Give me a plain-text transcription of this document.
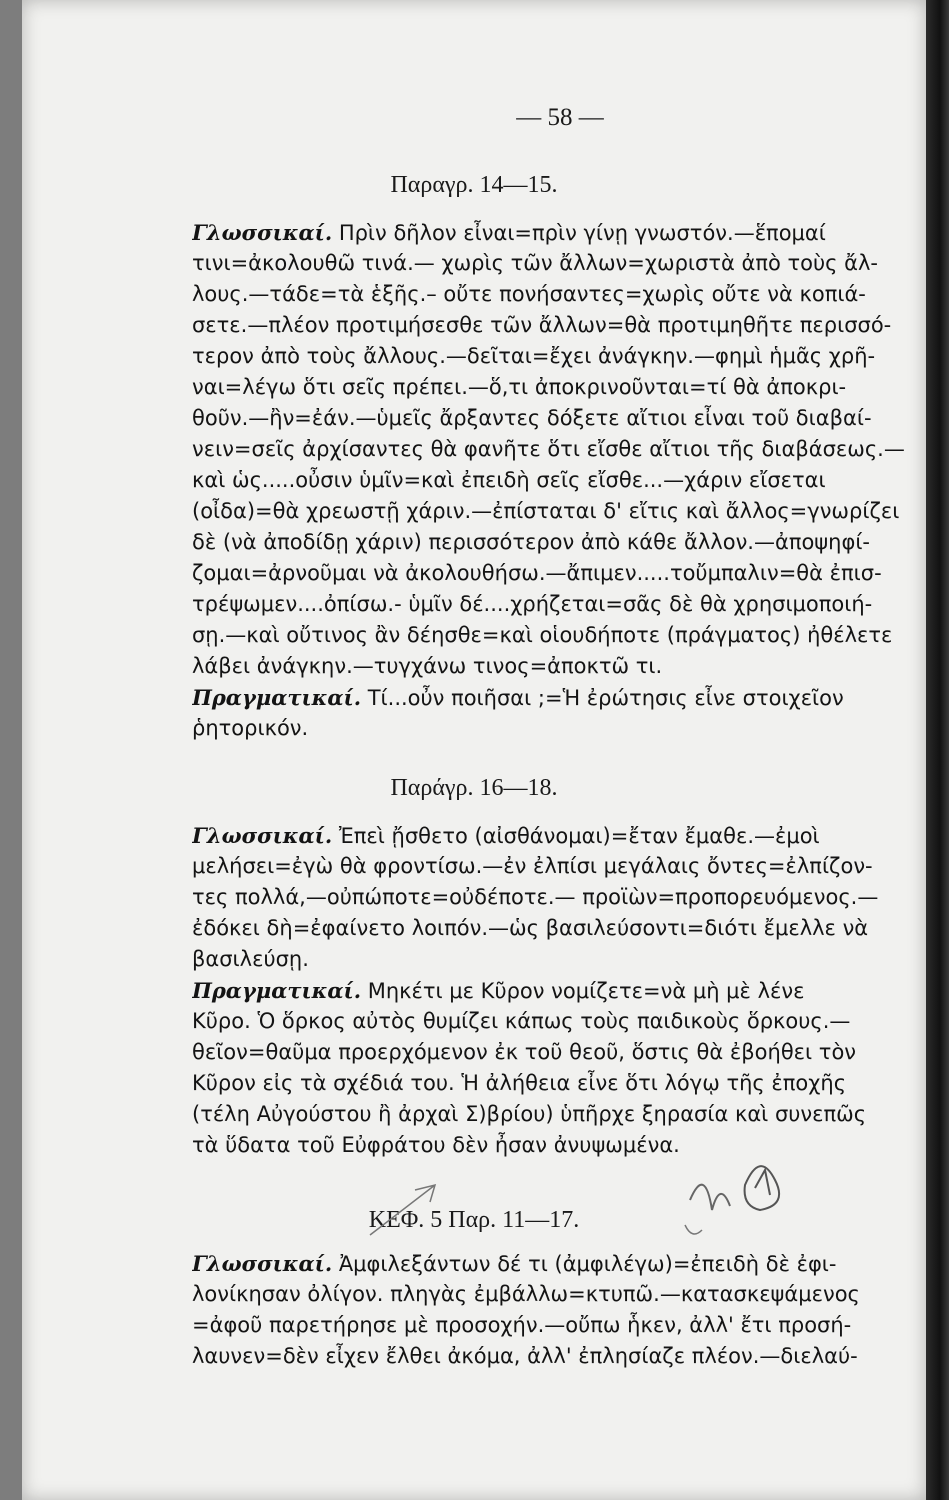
— 58 —
Παραγρ. 14—15.
Γλωσσικαί. Πρὶν δῆλον εἶναι=πρὶν γίνῃ γνωστόν.—ἕπομαί
τινι=ἀκολουθῶ τινά.— χωρὶς τῶν ἄλλων=χωριστὰ ἀπὸ τοὺς ἄλ-
λους.—τάδε=τὰ ἑξῆς.– οὔτε πονήσαντες=χωρὶς οὔτε νὰ κοπιά-
σετε.—πλέον προτιμήσεσθε τῶν ἄλλων=θὰ προτιμηθῆτε περισσό-
τερον ἀπὸ τοὺς ἄλλους.—δεῖται=ἔχει ἀνάγκην.—φημὶ ἡμᾶς χρῆ-
ναι=λέγω ὅτι σεῖς πρέπει.—ὅ,τι ἀποκρινοῦνται=τί θὰ ἀποκρι-
θοῦν.—ἢν=ἐάν.—ὑμεῖς ἄρξαντες δόξετε αἴτιοι εἶναι τοῦ διαβαί-
νειν=σεῖς ἀρχίσαντες θὰ φανῆτε ὅτι εἴσθε αἴτιοι τῆς διαβάσεως.—
καὶ ὡς.....οὖσιν ὑμῖν=καὶ ἐπειδὴ σεῖς εἴσθε...—χάριν εἴσεται
(οἶδα)=θὰ χρεωστῇ χάριν.—ἐπίσταται δ' εἴτις καὶ ἄλλος=γνωρίζει
δὲ (νὰ ἀποδίδῃ χάριν) περισσότερον ἀπὸ κάθε ἄλλον.—ἀποψηφί-
ζομαι=ἀρνοῦμαι νὰ ἀκολουθήσω.—ἄπιμεν.....τοὔμπαλιν=θὰ ἐπισ-
τρέψωμεν....ὀπίσω.- ὑμῖν δέ....χρήζεται=σᾶς δὲ θὰ χρησιμοποιή-
σῃ.—καὶ οὔτινος ἂν δέησθε=καὶ οἱουδήποτε (πράγματος) ἠθέλετε
λάβει ἀνάγκην.—τυγχάνω τινος=ἀποκτῶ τι.
Πραγματικαί. Τί...οὖν ποιῆσαι ;=Ἡ ἐρώτησις εἶνε στοιχεῖον
ῥητορικόν.
Παράγρ. 16—18.
Γλωσσικαί. Ἐπεὶ ᾔσθετο (αἰσθάνομαι)=ἔταν ἔμαθε.—ἐμοὶ
μελήσει=ἐγὼ θὰ φροντίσω.—ἐν ἐλπίσι μεγάλαις ὄντες=ἐλπίζον-
τες πολλά,—οὐπώποτε=οὐδέποτε.— προϊὼν=προπορευόμενος.—
ἐδόκει δὴ=ἐφαίνετο λοιπόν.—ὡς βασιλεύσοντι=διότι ἔμελλε νὰ
βασιλεύσῃ.
Πραγματικαί. Μηκέτι με Κῦρον νομίζετε=νὰ μὴ μὲ λένε
Κῦρο. Ὁ ὅρκος αὐτὸς θυμίζει κάπως τοὺς παιδικοὺς ὅρκους.—
θεῖον=θαῦμα προερχόμενον ἐκ τοῦ θεοῦ, ὅστις θὰ ἐβοήθει τὸν
Κῦρον εἰς τὰ σχέδιά του. Ἡ ἀλήθεια εἶνε ὅτι λόγῳ τῆς ἐποχῆς
(τέλη Αὐγούστου ἢ ἀρχαὶ Σ)βρίου) ὑπῆρχε ξηρασία καὶ συνεπῶς
τὰ ὕδατα τοῦ Εὐφράτου δὲν ἦσαν ἀνυψωμένα.
ΚΕΦ. 5 Παρ. 11—17.
Γλωσσικαί. Ἀμφιλεξάντων δέ τι (ἀμφιλέγω)=ἐπειδὴ δὲ ἐφι-
λονίκησαν ὀλίγον. πληγὰς ἐμβάλλω=κτυπῶ.—κατασκεψάμενος
=ἀφοῦ παρετήρησε μὲ προσοχήν.—οὔπω ἧκεν, ἀλλ' ἔτι προσή-
λαυνεν=δὲν εἶχεν ἔλθει ἀκόμα, ἀλλ' ἐπλησίαζε πλέον.—διελαύ-
